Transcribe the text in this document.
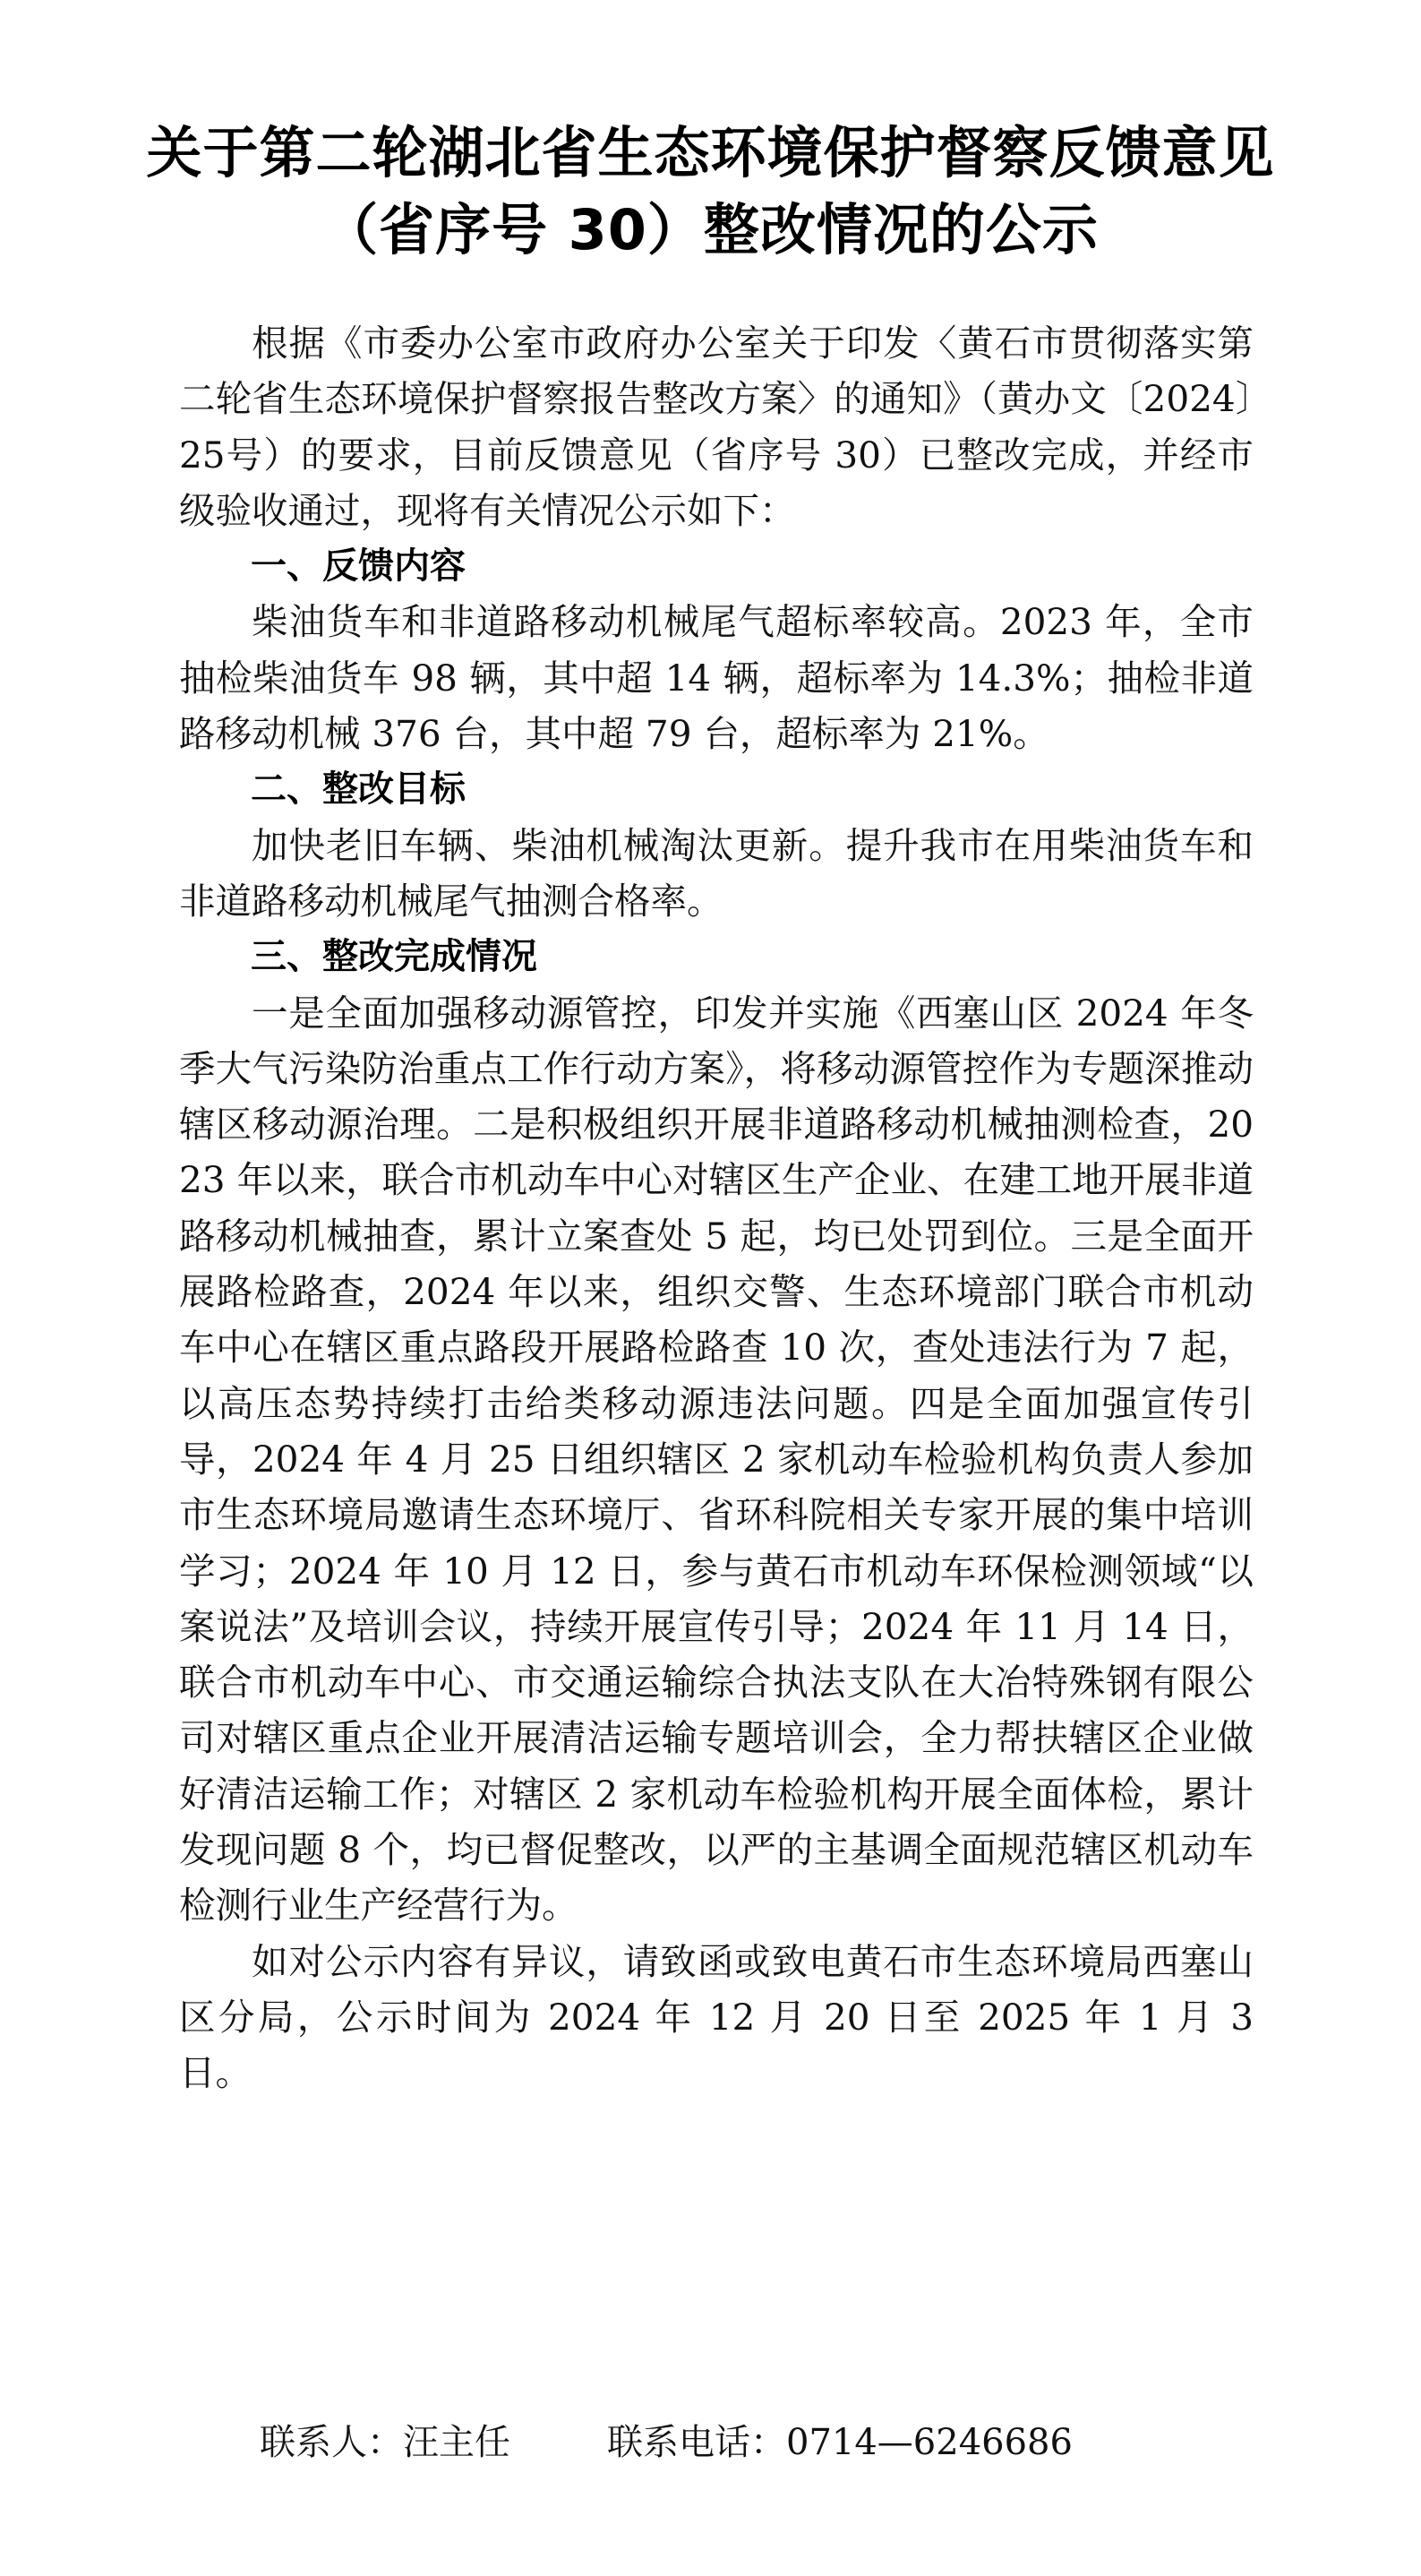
关于第二轮湖北省生态环境保护督察反馈意见
（省序号 30）整改情况的公示

根据《市委办公室市政府办公室关于印发〈黄石市贯彻落实第二轮省生态环境保护督察报告整改方案〉的通知》（黄办文〔2024〕25号）的要求，目前反馈意见（省序号 30）已整改完成，并经市级验收通过，现将有关情况公示如下：

一、反馈内容

柴油货车和非道路移动机械尾气超标率较高。2023 年，全市抽检柴油货车 98 辆，其中超 14 辆，超标率为 14.3%；抽检非道路移动机械 376 台，其中超 79 台，超标率为 21%。

二、整改目标

加快老旧车辆、柴油机械淘汰更新。提升我市在用柴油货车和非道路移动机械尾气抽测合格率。

三、整改完成情况

一是全面加强移动源管控，印发并实施《西塞山区 2024 年冬季大气污染防治重点工作行动方案》，将移动源管控作为专题深推动辖区移动源治理。二是积极组织开展非道路移动机械抽测检查，2023 年以来，联合市机动车中心对辖区生产企业、在建工地开展非道路移动机械抽查，累计立案查处 5 起，均已处罚到位。三是全面开展路检路查，2024 年以来，组织交警、生态环境部门联合市机动车中心在辖区重点路段开展路检路查 10 次，查处违法行为 7 起，以高压态势持续打击给类移动源违法问题。四是全面加强宣传引导，2024 年 4 月 25 日组织辖区 2 家机动车检验机构负责人参加市生态环境局邀请生态环境厅、省环科院相关专家开展的集中培训学习；2024 年 10 月 12 日，参与黄石市机动车环保检测领域“以案说法”及培训会议，持续开展宣传引导；2024 年 11 月 14 日，联合市机动车中心、市交通运输综合执法支队在大冶特殊钢有限公司对辖区重点企业开展清洁运输专题培训会，全力帮扶辖区企业做好清洁运输工作；对辖区 2 家机动车检验机构开展全面体检，累计发现问题 8 个，均已督促整改，以严的主基调全面规范辖区机动车检测行业生产经营行为。

如对公示内容有异议，请致函或致电黄石市生态环境局西塞山区分局，公示时间为 2024 年 12 月 20 日至 2025 年 1 月 3 日。

联系人：汪主任	联系电话：0714—6246686
